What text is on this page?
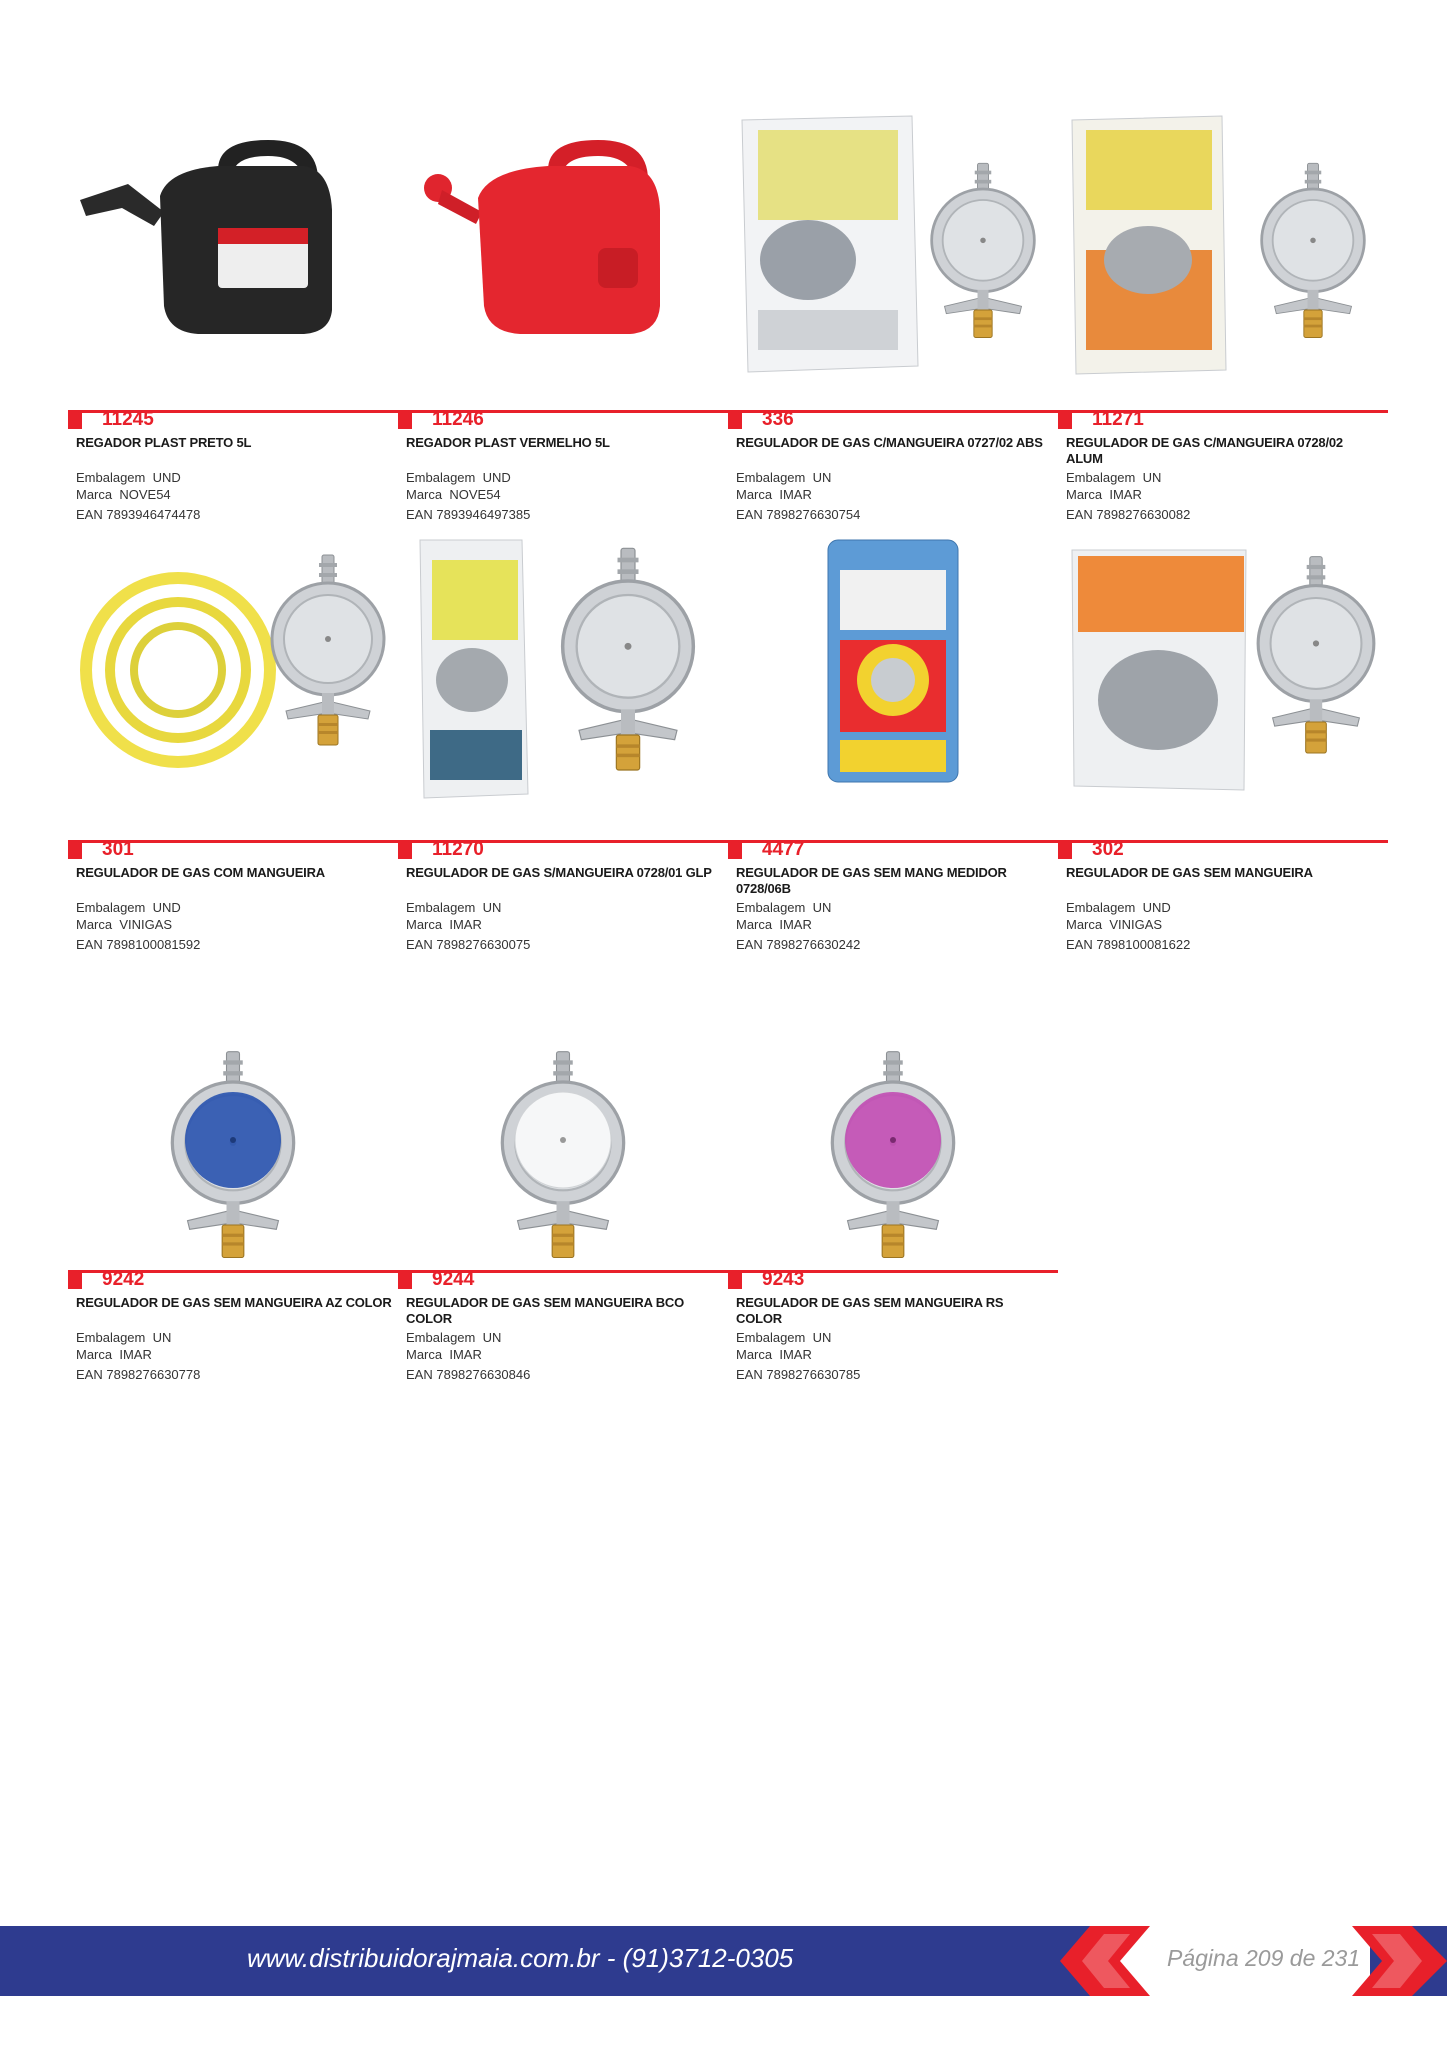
11245
REGADOR PLAST PRETO 5L
Embalagem UND
Marca NOVE54
EAN 7893946474478
11246
REGADOR PLAST VERMELHO 5L
Embalagem UND
Marca NOVE54
EAN 7893946497385
336
REGULADOR DE GAS C/MANGUEIRA 0727/02 ABS
Embalagem UN
Marca IMAR
EAN 7898276630754
11271
REGULADOR DE GAS C/MANGUEIRA 0728/02 ALUM
Embalagem UN
Marca IMAR
EAN 7898276630082
301
REGULADOR DE GAS COM MANGUEIRA
Embalagem UND
Marca VINIGAS
EAN 7898100081592
11270
REGULADOR DE GAS S/MANGUEIRA 0728/01 GLP
Embalagem UN
Marca IMAR
EAN 7898276630075
4477
REGULADOR DE GAS SEM MANG MEDIDOR 0728/06B
Embalagem UN
Marca IMAR
EAN 7898276630242
302
REGULADOR DE GAS SEM MANGUEIRA
Embalagem UND
Marca VINIGAS
EAN 7898100081622
9242
REGULADOR DE GAS SEM MANGUEIRA AZ COLOR
Embalagem UN
Marca IMAR
EAN 7898276630778
9244
REGULADOR DE GAS SEM MANGUEIRA BCO COLOR
Embalagem UN
Marca IMAR
EAN 7898276630846
9243
REGULADOR DE GAS SEM MANGUEIRA RS COLOR
Embalagem UN
Marca IMAR
EAN 7898276630785
www.distribuidorajmaia.com.br - (91)3712-0305	Página 209 de 231
